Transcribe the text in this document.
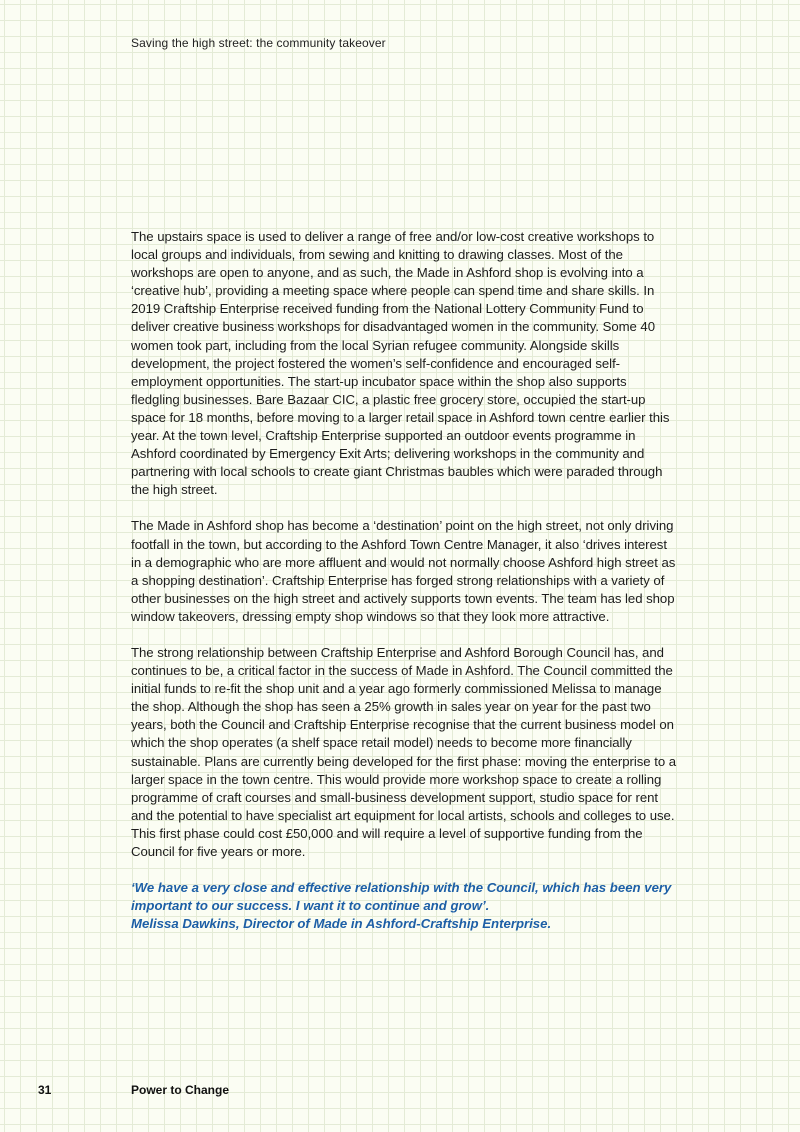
Saving the high street: the community takeover

The upstairs space is used to deliver a range of free and/or low-cost creative workshops to local groups and individuals, from sewing and knitting to drawing classes. Most of the workshops are open to anyone, and as such, the Made in Ashford shop is evolving into a ‘creative hub’, providing a meeting space where people can spend time and share skills. In 2019 Craftship Enterprise received funding from the National Lottery Community Fund to deliver creative business workshops for disadvantaged women in the community. Some 40 women took part, including from the local Syrian refugee community. Alongside skills development, the project fostered the women’s self-confidence and encouraged self-employment opportunities. The start-up incubator space within the shop also supports fledgling businesses. Bare Bazaar CIC, a plastic free grocery store, occupied the start-up space for 18 months, before moving to a larger retail space in Ashford town centre earlier this year. At the town level, Craftship Enterprise supported an outdoor events programme in Ashford coordinated by Emergency Exit Arts; delivering workshops in the community and partnering with local schools to create giant Christmas baubles which were paraded through the high street.

The Made in Ashford shop has become a ‘destination’ point on the high street, not only driving footfall in the town, but according to the Ashford Town Centre Manager, it also ‘drives interest in a demographic who are more affluent and would not normally choose Ashford high street as a shopping destination’. Craftship Enterprise has forged strong relationships with a variety of other businesses on the high street and actively supports town events. The team has led shop window takeovers, dressing empty shop windows so that they look more attractive.

The strong relationship between Craftship Enterprise and Ashford Borough Council has, and continues to be, a critical factor in the success of Made in Ashford. The Council committed the initial funds to re-fit the shop unit and a year ago formerly commissioned Melissa to manage the shop. Although the shop has seen a 25% growth in sales year on year for the past two years, both the Council and Craftship Enterprise recognise that the current business model on which the shop operates (a shelf space retail model) needs to become more financially sustainable. Plans are currently being developed for the first phase: moving the enterprise to a larger space in the town centre. This would provide more workshop space to create a rolling programme of craft courses and small-business development support, studio space for rent and the potential to have specialist art equipment for local artists, schools and colleges to use. This first phase could cost £50,000 and will require a level of supportive funding from the Council for five years or more.

‘We have a very close and effective relationship with the Council, which has been very important to our success. I want it to continue and grow’.
Melissa Dawkins, Director of Made in Ashford-Craftship Enterprise.
31	Power to Change
